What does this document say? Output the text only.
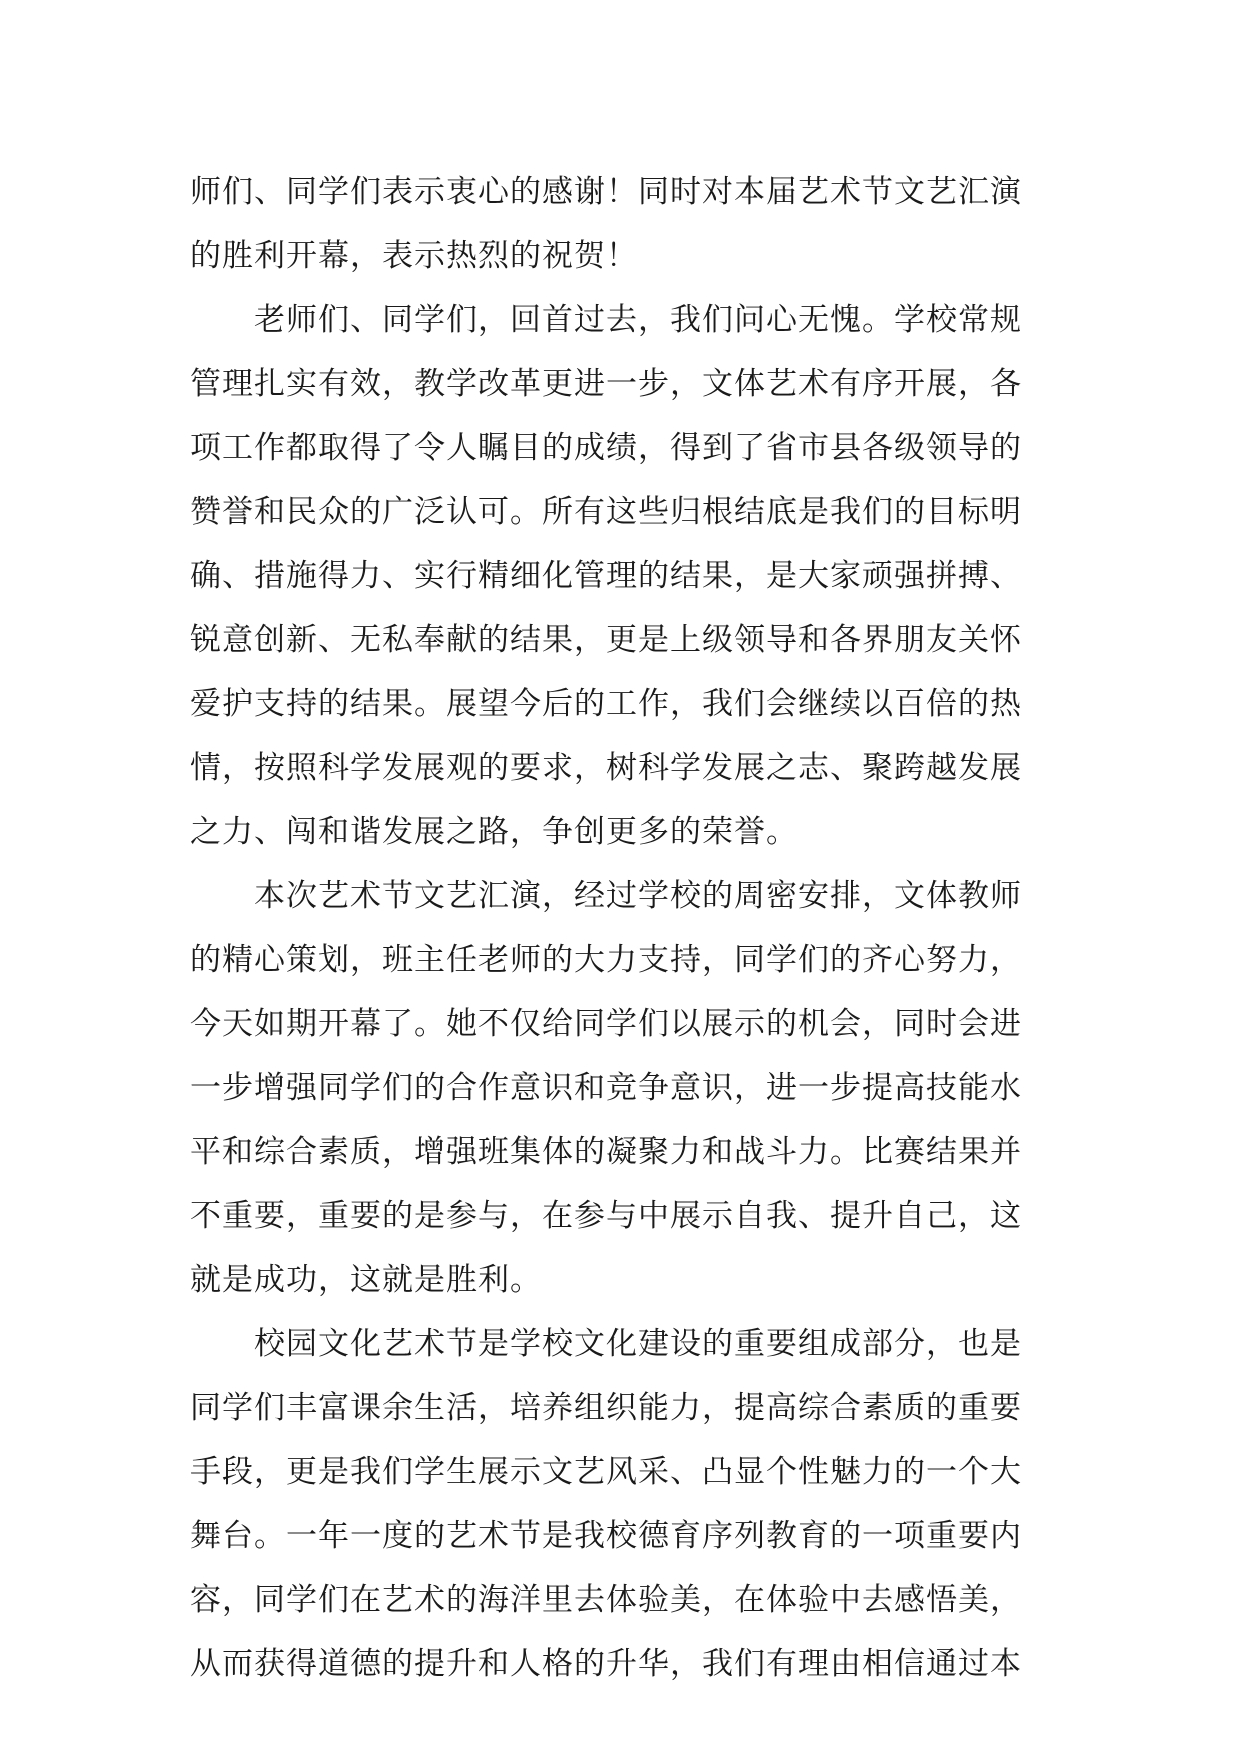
师们、同学们表示衷心的感谢！同时对本届艺术节文艺汇演
的胜利开幕，表示热烈的祝贺！
老师们、同学们，回首过去，我们问心无愧。学校常规
管理扎实有效，教学改革更进一步，文体艺术有序开展，各
项工作都取得了令人瞩目的成绩，得到了省市县各级领导的
赞誉和民众的广泛认可。所有这些归根结底是我们的目标明
确、措施得力、实行精细化管理的结果，是大家顽强拼搏、
锐意创新、无私奉献的结果，更是上级领导和各界朋友关怀
爱护支持的结果。展望今后的工作，我们会继续以百倍的热
情，按照科学发展观的要求，树科学发展之志、聚跨越发展
之力、闯和谐发展之路，争创更多的荣誉。
本次艺术节文艺汇演，经过学校的周密安排，文体教师
的精心策划，班主任老师的大力支持，同学们的齐心努力，
今天如期开幕了。她不仅给同学们以展示的机会，同时会进
一步增强同学们的合作意识和竞争意识，进一步提高技能水
平和综合素质，增强班集体的凝聚力和战斗力。比赛结果并
不重要，重要的是参与，在参与中展示自我、提升自己，这
就是成功，这就是胜利。
校园文化艺术节是学校文化建设的重要组成部分，也是
同学们丰富课余生活，培养组织能力，提高综合素质的重要
手段，更是我们学生展示文艺风采、凸显个性魅力的一个大
舞台。一年一度的艺术节是我校德育序列教育的一项重要内
容，同学们在艺术的海洋里去体验美，在体验中去感悟美，
从而获得道德的提升和人格的升华，我们有理由相信通过本
